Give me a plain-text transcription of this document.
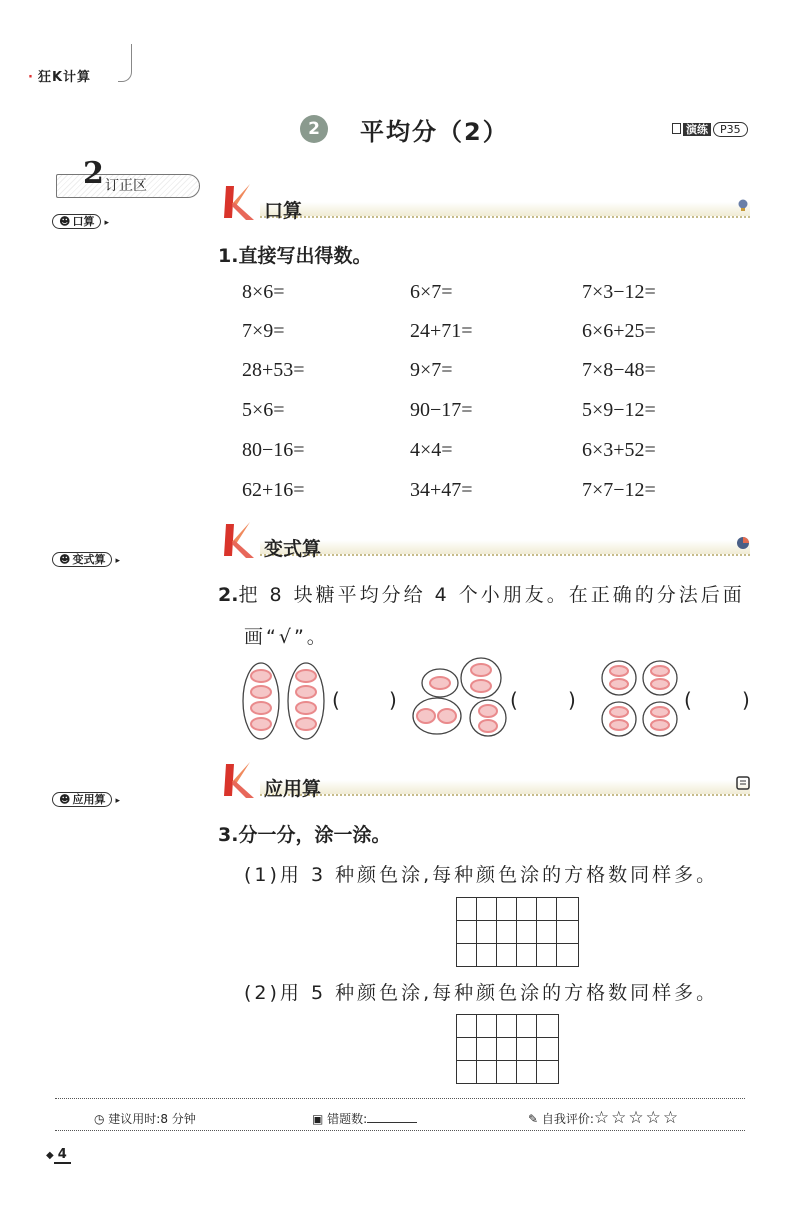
· 狂K计算
2	平均分（2）	演练 P35
2 订正区
☻ 口算 ▸
☻ 变式算 ▸
☻ 应用算 ▸
口算
1.直接写出得数。
8×6=	6×7=	7×3−12=
7×9=	24+71=	6×6+25=
28+53=	9×7=	7×8−48=
5×6=	90−17=	5×9−12=
80−16=	4×4=	6×3+52=
62+16=	34+47=	7×7−12=
变式算
2.把 8 块糖平均分给 4 个小朋友。在正确的分法后面
画“√”。
( )	(	)	(	)
应用算
3.分一分，涂一涂。
(1)用 3 种颜色涂,每种颜色涂的方格数同样多。

(2)用 5 种颜色涂,每种颜色涂的方格数同样多。

◷ 建议用时:8 分钟	▣ 错题数:	✎ 自我评价:☆☆☆☆☆
◆ 4
